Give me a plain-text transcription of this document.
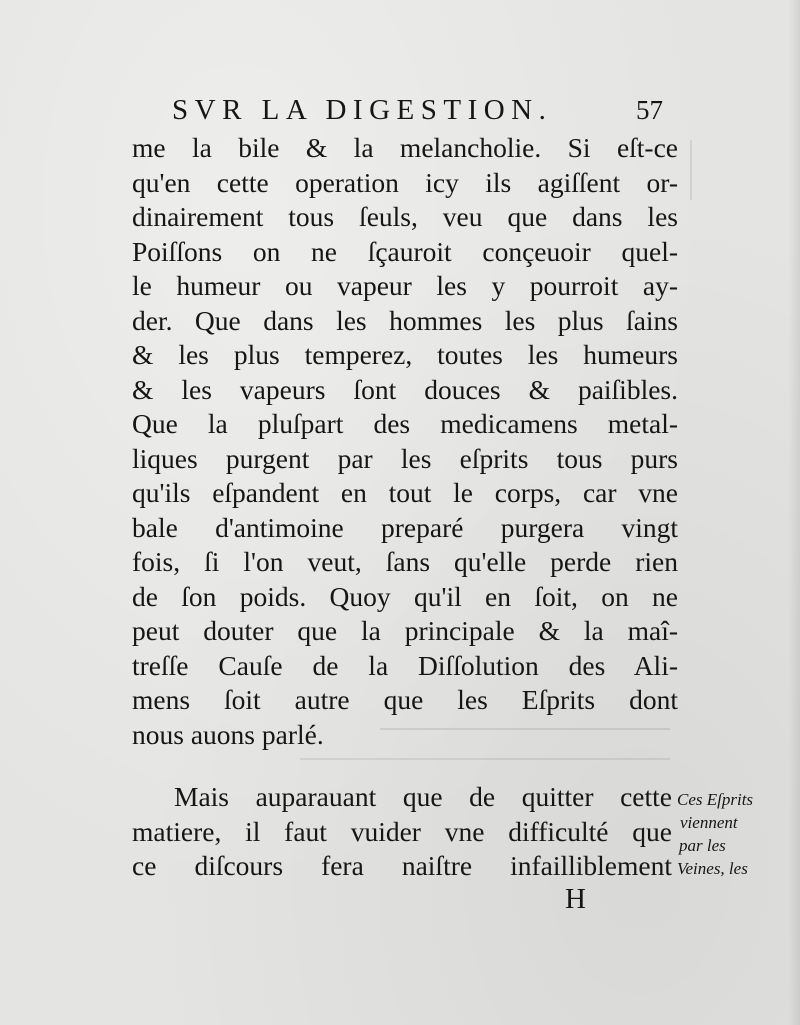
SVR LA DIGESTION.	57
me la bile & la melancholie. Si eſt-ce
qu'en cette operation icy ils agiſſent or-
dinairement tous ſeuls, veu que dans les
Poiſſons on ne ſçauroit conçeuoir quel-
le humeur ou vapeur les y pourroit ay-
der. Que dans les hommes les plus ſains
& les plus temperez, toutes les humeurs
& les vapeurs ſont douces & paiſibles.
Que la pluſpart des medicamens metal-
liques purgent par les eſprits tous purs
qu'ils eſpandent en tout le corps, car vne
bale d'antimoine preparé purgera vingt
fois, ſi l'on veut, ſans qu'elle perde rien
de ſon poids. Quoy qu'il en ſoit, on ne
peut douter que la principale & la maî-
treſſe Cauſe de la Diſſolution des Ali-
mens ſoit autre que les Eſprits dont
nous auons parlé.
Mais auparauant que de quitter cette
matiere, il faut vuider vne difficulté que
ce diſcours fera naiſtre infailliblement
Ces Eſprits
viennent
par les
Veines, les
H
